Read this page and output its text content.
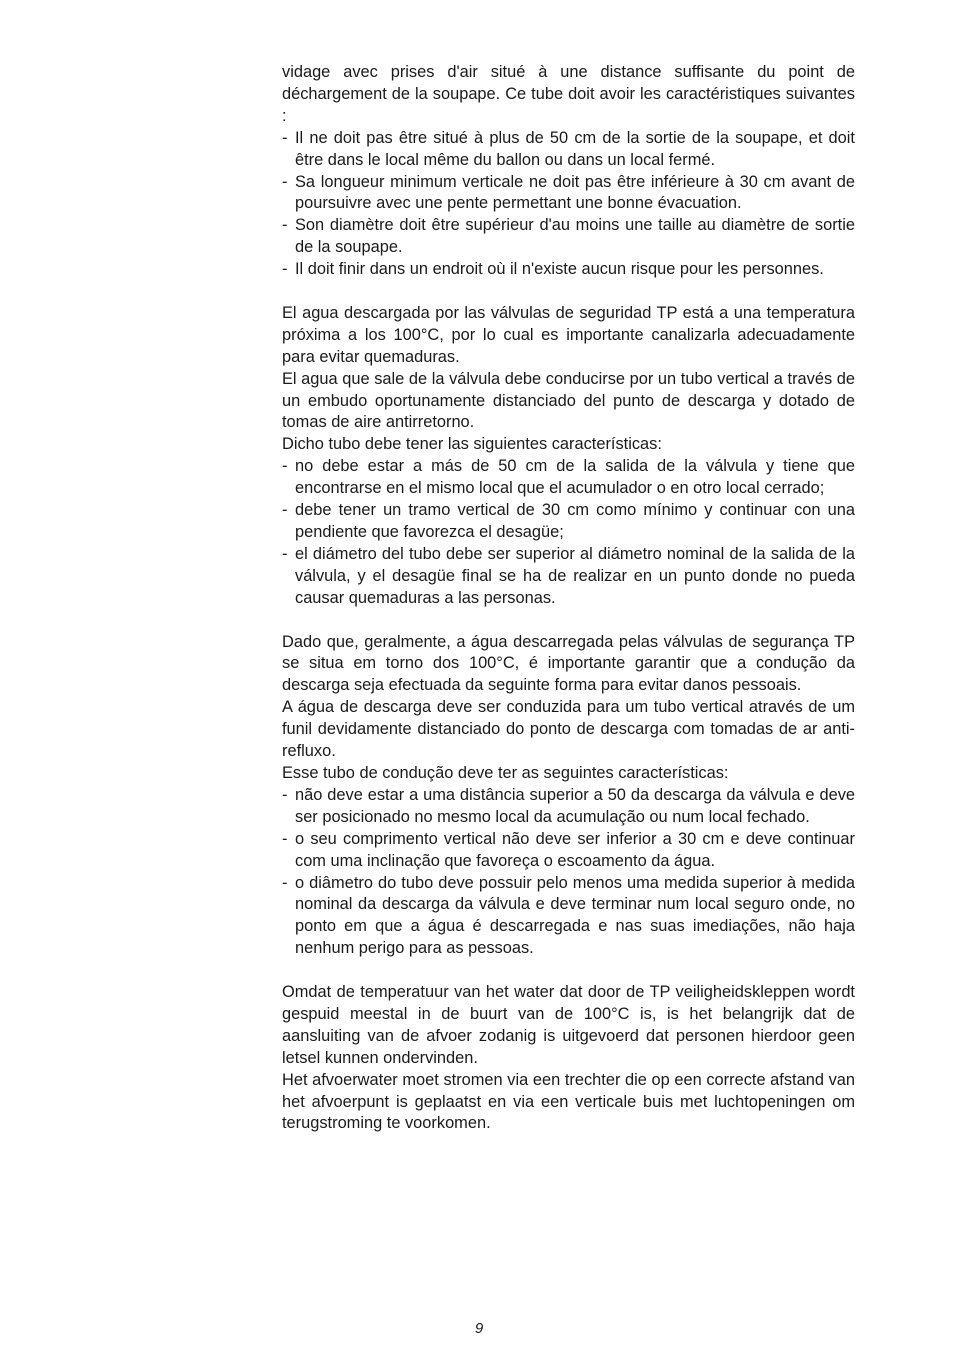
vidage avec prises d'air situé à une distance suffisante du point de déchargement de la soupape. Ce tube doit avoir les caractéristiques suivantes :

- Il ne doit pas être situé à plus de 50 cm de la sortie de la soupape, et doit être dans le local même du ballon ou dans un local fermé.
- Sa longueur minimum verticale ne doit pas être inférieure à 30 cm avant de poursuivre avec une pente permettant une bonne évacuation.
- Son diamètre doit être supérieur d'au moins une taille au diamètre de sortie de la soupape.
- Il doit finir dans un endroit où il n'existe aucun risque pour les personnes.

El agua descargada por las válvulas de seguridad TP está a una temperatura próxima a los 100°C, por lo cual es importante canalizarla adecuadamente para evitar quemaduras.

El agua que sale de la válvula debe conducirse por un tubo vertical a través de un embudo oportunamente distanciado del punto de descarga y dotado de tomas de aire antirretorno.

Dicho tubo debe tener las siguientes características:

- no debe estar a más de 50 cm de la salida de la válvula y tiene que encontrarse en el mismo local que el acumulador o en otro local cerrado;
- debe tener un tramo vertical de 30 cm como mínimo y continuar con una pendiente que favorezca el desagüe;
- el diámetro del tubo debe ser superior al diámetro nominal de la salida de la válvula, y el desagüe final se ha de realizar en un punto donde no pueda causar quemaduras a las personas.

Dado que, geralmente, a água descarregada pelas válvulas de segurança TP se situa em torno dos 100°C, é importante garantir que a condução da descarga seja efectuada da seguinte forma para evitar danos pessoais.

A água de descarga deve ser conduzida para um tubo vertical através de um funil devidamente distanciado do ponto de descarga com tomadas de ar anti-refluxo.

Esse tubo de condução deve ter as seguintes características:

- não deve estar a uma distância superior a 50 da descarga da válvula e deve ser posicionado no mesmo local da acumulação ou num local fechado.
- o seu comprimento vertical não deve ser inferior a 30 cm e deve continuar com uma inclinação que favoreça o escoamento da água.
- o diâmetro do tubo deve possuir pelo menos uma medida superior à medida nominal da descarga da válvula e deve terminar num local seguro onde, no ponto em que a água é descarregada e nas suas imediações, não haja nenhum perigo para as pessoas.

Omdat de temperatuur van het water dat door de TP veiligheidskleppen wordt gespuid meestal in de buurt van de 100°C is, is het belangrijk dat de aansluiting van de afvoer zodanig is uitgevoerd dat personen hierdoor geen letsel kunnen ondervinden.

Het afvoerwater moet stromen via een trechter die op een correcte afstand van het afvoerpunt is geplaatst en via een verticale buis met luchtopeningen om terugstroming te voorkomen.

9
